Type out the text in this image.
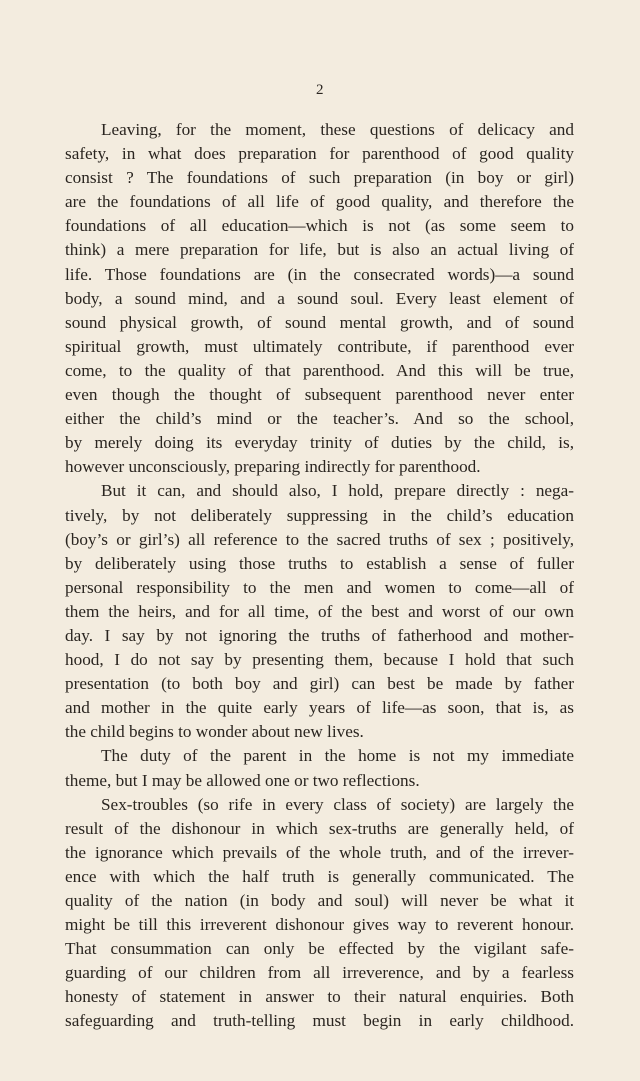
2
Leaving, for the moment, these questions of delicacy and
safety, in what does preparation for parenthood of good quality
consist ? The foundations of such preparation (in boy or girl)
are the foundations of all life of good quality, and therefore the
foundations of all education—which is not (as some seem to
think) a mere preparation for life, but is also an actual living of
life. Those foundations are (in the consecrated words)—a sound
body, a sound mind, and a sound soul. Every least element of
sound physical growth, of sound mental growth, and of sound
spiritual growth, must ultimately contribute, if parenthood ever
come, to the quality of that parenthood. And this will be true,
even though the thought of subsequent parenthood never enter
either the child’s mind or the teacher’s. And so the school,
by merely doing its everyday trinity of duties by the child, is,
however unconsciously, preparing indirectly for parenthood.
But it can, and should also, I hold, prepare directly : nega-
tively, by not deliberately suppressing in the child’s education
(boy’s or girl’s) all reference to the sacred truths of sex ; positively,
by deliberately using those truths to establish a sense of fuller
personal responsibility to the men and women to come—all of
them the heirs, and for all time, of the best and worst of our own
day. I say by not ignoring the truths of fatherhood and mother-
hood, I do not say by presenting them, because I hold that such
presentation (to both boy and girl) can best be made by father
and mother in the quite early years of life—as soon, that is, as
the child begins to wonder about new lives.
The duty of the parent in the home is not my immediate
theme, but I may be allowed one or two reflections.
Sex-troubles (so rife in every class of society) are largely the
result of the dishonour in which sex-truths are generally held, of
the ignorance which prevails of the whole truth, and of the irrever-
ence with which the half truth is generally communicated. The
quality of the nation (in body and soul) will never be what it
might be till this irreverent dishonour gives way to reverent honour.
That consummation can only be effected by the vigilant safe-
guarding of our children from all irreverence, and by a fearless
honesty of statement in answer to their natural enquiries. Both
safeguarding and truth-telling must begin in early childhood.
